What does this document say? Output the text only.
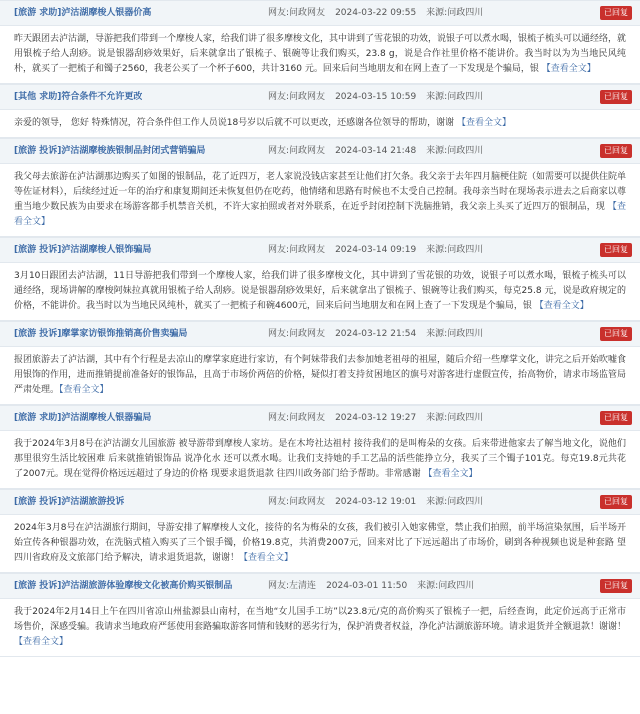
[旅游 求助]泸沽湖摩梭人银器价高	网友:问政网友 2024-03-22 09:55 来源:问政四川	已回复
昨天跟团去泸沽湖，导游把我们带到一个摩梭人家，给我们讲了很多摩梭文化，其中讲到了雪花银的功效，说银子可以煮水喝，银梳子梳头可以通经络，就用银梳子给人刮痧。说是银器刮痧效果好，后来就拿出了银梳子、银碗等让我们购买，23.8 g，说是合作社里价格不能讲价。我当时以为为当地民风纯朴，就买了一把梳子和镯子2560，我老公买了一个杯子600，共计3160 元。回来后问当地朋友和在网上查了一下发现是个骗局，银 【查看全文】
[其他 求助]符合条件不允许更改	网友:问政网友 2024-03-15 10:59 来源:问政四川	已回复
亲爱的领导， 您好 特殊情况，符合条件但工作人员说18号岁以后就不可以更改，还感谢各位领导的帮助，谢谢 【查看全文】
[旅游 投诉]泸沽湖摩梭族银制品封闭式营销骗局	网友:问政网友 2024-03-14 21:48 来源:问政四川	已回复
我父母去旅游在泸沽湖那边购买了如图的银制品，花了近四万，老人家说没钱店家甚至让他们打欠条。我父亲于去年四月脑梗住院（如需要可以提供住院单等佐证材料），后续经过近一年的治疗和康复期间还未恢复但仍在吃药，他情绪和思路有时候也不太受自己控制。我母亲当时在现场表示进去之后商家以尊重当地少数民族为由要求在场游客都手机禁音关机，不许大家拍照或者对外联系，在近乎封闭控制下洗脑推销，我父亲上头买了近四万的银制品，现 【查看全文】
[旅游 投诉]泸沽湖摩梭人银饰骗局	网友:问政网友 2024-03-14 09:19 来源:问政四川	已回复
3月10日跟团去泸沽湖，11日导游把我们带到一个摩梭人家，给我们讲了很多摩梭文化，其中讲到了雪花银的功效，说银子可以煮水喝，银梳子梳头可以通经络，现场讲解的摩梭阿妹拉真就用银梳子给人刮痧。说是银器刮痧效果好，后来就拿出了银梳子、银碗等让我们购买，每克25.8 元，说是政府规定的价格，不能讲价。我当时以为当地民风纯朴，就买了一把梳子和碗4600元，回来后问当地朋友和在网上查了一下发现是个骗局，银 【查看全文】
[旅游 投诉]摩掌家访银饰推销高价售卖骗局	网友:问政网友 2024-03-12 21:54 来源:问政四川	已回复
报团旅游去了泸沽湖，其中有个行程是去凉山的摩掌家庭进行家访，有个阿妹带我们去参加她老祖母的祖屋，随后介绍一些摩掌文化，讲完之后开始吹嘘食用银饰的作用，进而推销提前准备好的银饰品，且高于市场价两倍的价格，疑似打着支持贫困地区的旗号对游客进行虚假宣传，抬高物价，请求市场监管局严肃处理。【查看全文】
[旅游 求助]泸沽湖摩梭人银器骗局	网友:问政网友 2024-03-12 19:27 来源:问政四川	已回复
我于2024年3月8号在泸沽湖女儿国旅游 被导游带到摩梭人家坊。是在木垮社达祖村 接待我们的是叫梅朵的女孩。后来带进他家去了解当地文化，说他们那里很穷生活比较困难 后来就推销银饰品 说净化水 还可以煮水喝。让我们支持她的手工艺品的活些能挣立分，我买了三个镯子101克。每克19.8元共花了2007元。现在觉得价格远远超过了身边的价格 现要求退货退款 往四川政务部门给予帮助。非常感谢 【查看全文】
[旅游 投诉]泸沽湖旅游投诉	网友:问政网友 2024-03-12 19:01 来源:问政四川	已回复
2024年3月8号在泸沽湖旅行期间，导游安排了解摩梭人文化，接待的名为梅朵的女孩，我们被引入她家佛堂，禁止我们拍照，前半场渲染氛围，后半场开始宣传各种银器功效，在洗脑式植入购买了三个银手镯，价格19.8克，共消费2007元，回来对比了下远远超出了市场价，刷到各种视频也说是种套路 望四川省政府及文旅部门给予解决，请求退货退款，谢谢！【查看全文】
[旅游 投诉]泸沽湖旅游体验摩梭文化被高价购买银制品	网友:左清连 2024-03-01 11:50 来源:问政四川	已回复
我于2024年2月14日上午在四川省凉山州盐源县山南村，在当地“女儿国手工坊”以23.8元/克的高价购买了银梳子一把，后经查询，此定价远高于正常市场售价，深感受骗。我请求当地政府严惩使用套路骗取游客同情和钱财的恶劣行为，保护消费者权益，净化泸沽湖旅游环境。请求退货并全额退款！谢谢！【查看全文】
